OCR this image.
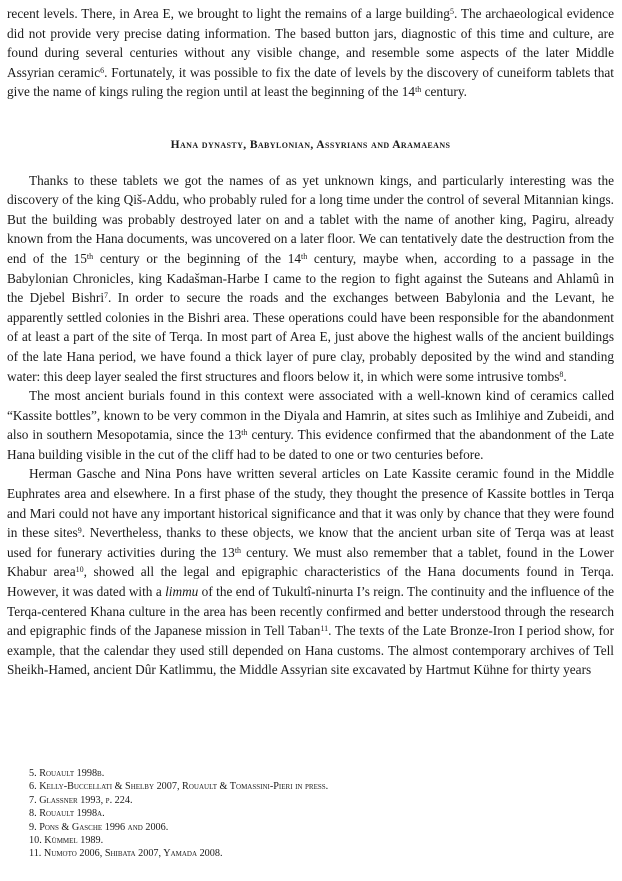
recent levels. There, in Area E, we brought to light the remains of a large building$^5$. The archaeological evidence did not provide very precise dating information. The based button jars, diagnostic of this time and culture, are found during several centuries without any visible change, and resemble some aspects of the later Middle Assyrian ceramic$^6$. Fortunately, it was possible to fix the date of levels by the discovery of cuneiform tablets that give the name of kings ruling the region until at least the beginning of the 14th century.

Hana dynasty, Babylonian, Assyrians and Aramaeans

Thanks to these tablets we got the names of as yet unknown kings, and particularly interesting was the discovery of the king Qiš-Addu, who probably ruled for a long time under the control of several Mitannian kings. But the building was probably destroyed later on and a tablet with the name of another king, Pagiru, already known from the Hana documents, was uncovered on a later floor. We can tentatively date the destruction from the end of the 15th century or the beginning of the 14th century, maybe when, according to a passage in the Babylonian Chronicles, king Kadašman-Harbe I came to the region to fight against the Suteans and Ahlamû in the Djebel Bishri$^7$. In order to secure the roads and the exchanges between Babylonia and the Levant, he apparently settled colonies in the Bishri area. These operations could have been responsible for the abandonment of at least a part of the site of Terqa. In most part of Area E, just above the highest walls of the ancient buildings of the late Hana period, we have found a thick layer of pure clay, probably deposited by the wind and standing water: this deep layer sealed the first structures and floors below it, in which were some intrusive tombs$^8$.

The most ancient burials found in this context were associated with a well-known kind of ceramics called “Kassite bottles”, known to be very common in the Diyala and Hamrin, at sites such as Imlihiye and Zubeidi, and also in southern Mesopotamia, since the 13th century. This evidence confirmed that the abandonment of the Late Hana building visible in the cut of the cliff had to be dated to one or two centuries before.

Herman Gasche and Nina Pons have written several articles on Late Kassite ceramic found in the Middle Euphrates area and elsewhere. In a first phase of the study, they thought the presence of Kassite bottles in Terqa and Mari could not have any important historical significance and that it was only by chance that they were found in these sites$^9$. Nevertheless, thanks to these objects, we know that the ancient urban site of Terqa was at least used for funerary activities during the 13th century. We must also remember that a tablet, found in the Lower Khabur area$^{10}$, showed all the legal and epigraphic characteristics of the Hana documents found in Terqa. However, it was dated with a limmu of the end of Tukultî-ninurta I’s reign. The continuity and the influence of the Terqa-centered Khana culture in the area has been recently confirmed and better understood through the research and epigraphic finds of the Japanese mission in Tell Taban$^{11}$. The texts of the Late Bronze-Iron I period show, for example, that the calendar they used still depended on Hana customs. The almost contemporary archives of Tell Sheikh-Hamed, ancient Dûr Katlimmu, the Middle Assyrian site excavated by Hartmut Kühne for thirty years

5. Rouault 1998b.
6. Kelly-Buccellati & Shelby 2007, Rouault & Tomassini-Pieri in press.
7. Glassner 1993, p. 224.
8. Rouault 1998a.
9. Pons & Gasche 1996 and 2006.
10. Kümmel 1989.
11. Numoto 2006, Shibata 2007, Yamada 2008.
